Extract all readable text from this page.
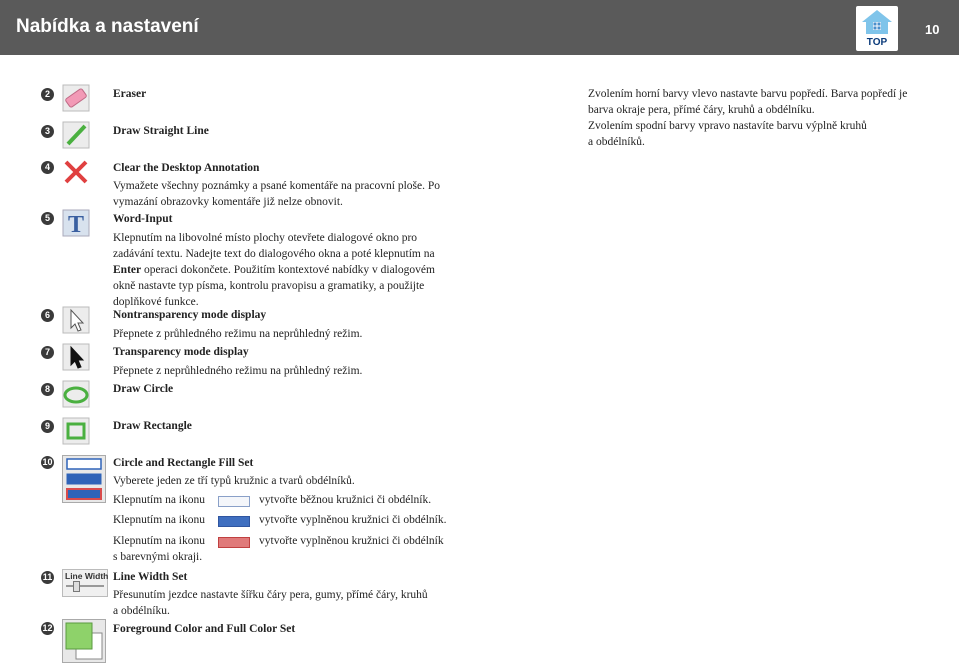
Nabídka a nastavení
TOP
10
Zvolením horní barvy vlevo nastavte barvu popředí. Barva popředí je
barva okraje pera, přímé čáry, kruhů a obdélníku.
Zvolením spodní barvy vpravo nastavíte barvu výplně kruhů
a obdélníků.
2	Eraser
3	Draw Straight Line
4	Clear the Desktop Annotation
Vymažete všechny poznámky a psané komentáře na pracovní ploše. Po
vymazání obrazovky komentáře již nelze obnovit.
5 T	Word-Input
Klepnutím na libovolné místo plochy otevřete dialogové okno pro
zadávání textu. Nadejte text do dialogového okna a poté klepnutím na
Enter operaci dokončete. Použitím kontextové nabídky v dialogovém
okně nastavte typ písma, kontrolu pravopisu a gramatiky, a použijte
doplňkové funkce.
6	Nontransparency mode display
Přepnete z průhledného režimu na neprůhledný režim.
7	Transparency mode display
Přepnete z neprůhledného režimu na průhledný režim.
8	Draw Circle
9	Draw Rectangle
10	Circle and Rectangle Fill Set
Vyberete jeden ze tří typů kružnic a tvarů obdélníků.
Klepnutím na ikonu	vytvořte běžnou kružnici či obdélník.
Klepnutím na ikonu	vytvořte vyplněnou kružnici či obdélník.
Klepnutím na ikonu	vytvořte vyplněnou kružnici či obdélník
s barevnými okraji.
11 Line Width Line Width Set
Přesunutím jezdce nastavte šířku čáry pera, gumy, přímé čáry, kruhů
a obdélníku.
12	Foreground Color and Full Color Set
